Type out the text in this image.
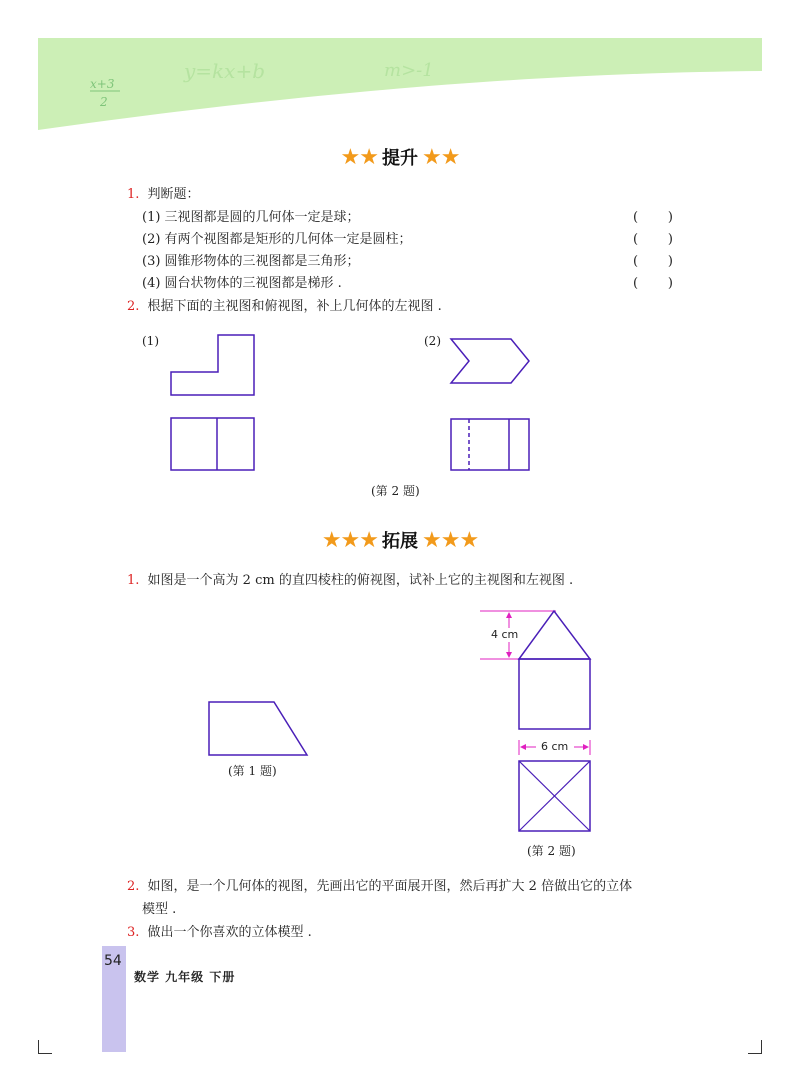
x+3
2
y=kx+b	m>-1
★★ 提升 ★★
1. 判断题：
(1) 三视图都是圆的几何体一定是球；	( )
(2) 有两个视图都是矩形的几何体一定是圆柱；	( )
(3) 圆锥形物体的三视图都是三角形；	( )
(4) 圆台状物体的三视图都是梯形 .	( )
2. 根据下面的主视图和俯视图，补上几何体的左视图 .
(1)	(2)
(第 2 题)
★★★ 拓展 ★★★
1. 如图是一个高为 2 cm 的直四棱柱的俯视图，试补上它的主视图和左视图 .
(第 1 题)
4 cm
6 cm
(第 2 题)
2. 如图，是一个几何体的视图，先画出它的平面展开图，然后再扩大 2 倍做出它的立体
模型 .
3. 做出一个你喜欢的立体模型 .
54
数学 九年级 下册
